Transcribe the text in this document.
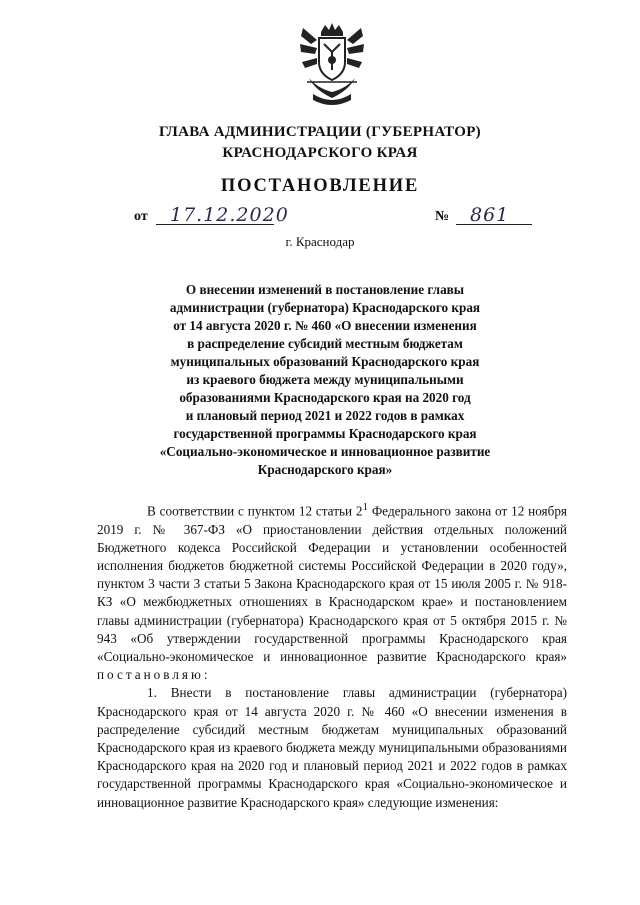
ГЛАВА АДМИНИСТРАЦИИ (ГУБЕРНАТОР)
КРАСНОДАРСКОГО КРАЯ
ПОСТАНОВЛЕНИЕ
от 17.12.2020	№ 861
г. Краснодар
О внесении изменений в постановление главы
администрации (губернатора) Краснодарского края
от 14 августа 2020 г. № 460 «О внесении изменения
в распределение субсидий местным бюджетам
муниципальных образований Краснодарского края
из краевого бюджета между муниципальными
образованиями Краснодарского края на 2020 год
и плановый период 2021 и 2022 годов в рамках
государственной программы Краснодарского края
«Социально-экономическое и инновационное развитие
Краснодарского края»

В соответствии с пунктом 12 статьи $2^1$ Федерального закона от 12 ноября 2019 г. № 367-ФЗ «О приостановлении действия отдельных положений Бюджетного кодекса Российской Федерации и установлении особенностей исполнения бюджетов бюджетной системы Российской Федерации в 2020 году», пунктом 3 части 3 статьи 5 Закона Краснодарского края от 15 июля 2005 г. № 918-КЗ «О межбюджетных отношениях в Краснодарском крае» и постановлением главы администрации (губернатора) Краснодарского края от 5 октября 2015 г. № 943 «Об утверждении государственной программы Краснодарского края «Социально-экономическое и инновационное развитие Краснодарского края» постановляю:

1. Внести в постановление главы администрации (губернатора) Краснодарского края от 14 августа 2020 г. № 460 «О внесении изменения в распределение субсидий местным бюджетам муниципальных образований Краснодарского края из краевого бюджета между муниципальными образованиями Краснодарского края на 2020 год и плановый период 2021 и 2022 годов в рамках государственной программы Краснодарского края «Социально-экономическое и инновационное развитие Краснодарского края» следующие изменения:
